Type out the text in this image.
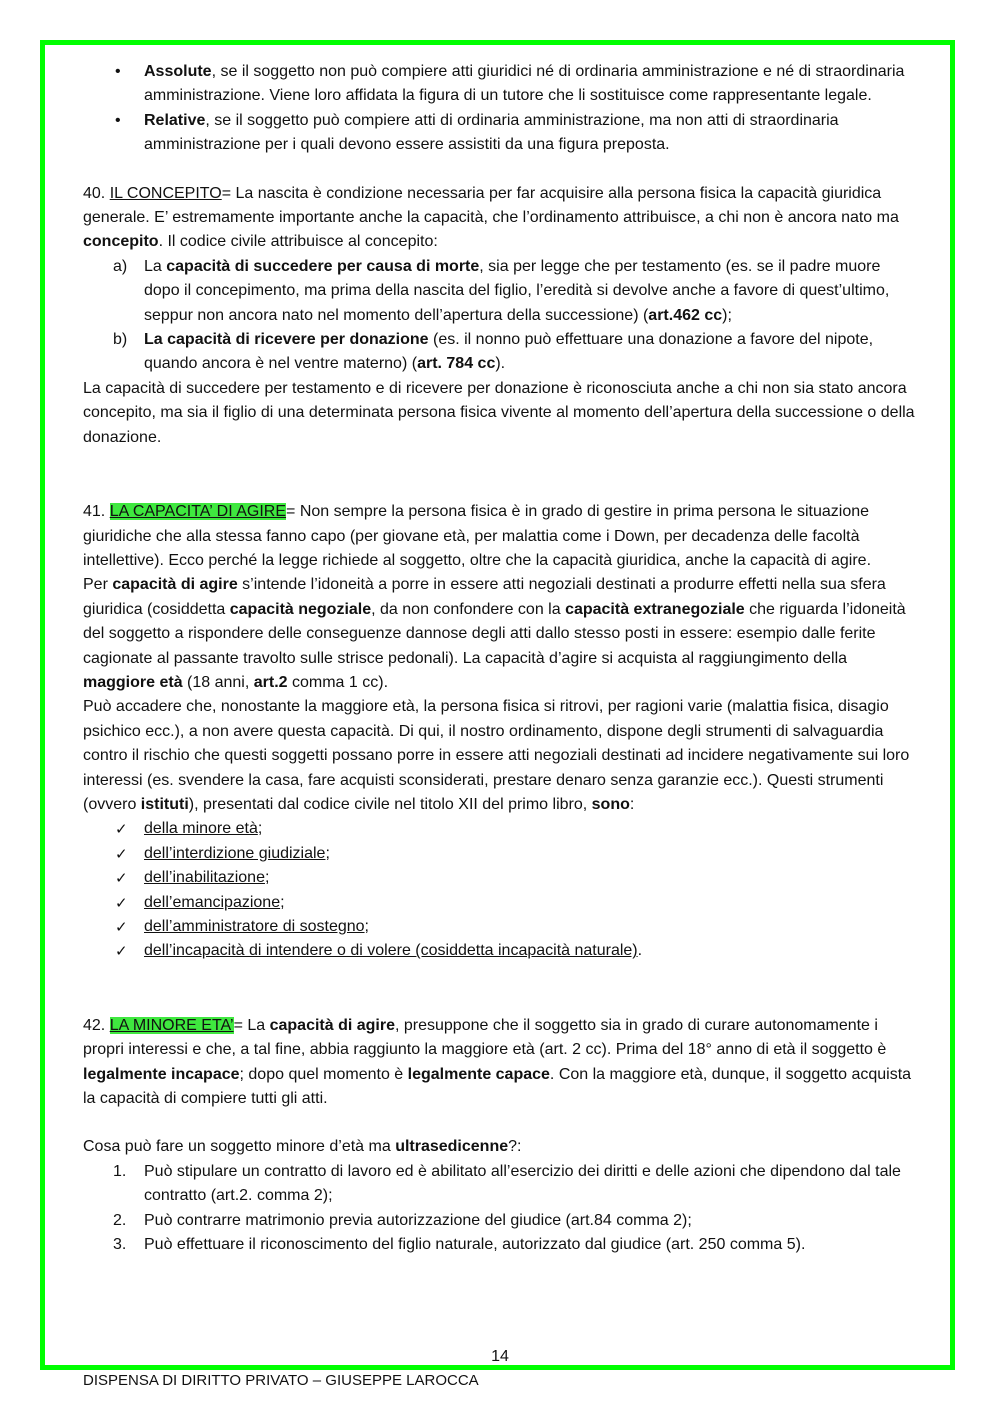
• Assolute, se il soggetto non può compiere atti giuridici né di ordinaria amministrazione e né di straordinaria amministrazione. Viene loro affidata la figura di un tutore che li sostituisce come rappresentante legale.
• Relative, se il soggetto può compiere atti di ordinaria amministrazione, ma non atti di straordinaria amministrazione per i quali devono essere assistiti da una figura preposta.

40. IL CONCEPITO= La nascita è condizione necessaria per far acquisire alla persona fisica la capacità giuridica generale. E’ estremamente importante anche la capacità, che l’ordinamento attribuisce, a chi non è ancora nato ma concepito. Il codice civile attribuisce al concepito:

a) La capacità di succedere per causa di morte, sia per legge che per testamento (es. se il padre muore dopo il concepimento, ma prima della nascita del figlio, l’eredità si devolve anche a favore di quest’ultimo, seppur non ancora nato nel momento dell’apertura della successione) (art.462 cc);
b) La capacità di ricevere per donazione (es. il nonno può effettuare una donazione a favore del nipote, quando ancora è nel ventre materno) (art. 784 cc).

La capacità di succedere per testamento e di ricevere per donazione è riconosciuta anche a chi non sia stato ancora concepito, ma sia il figlio di una determinata persona fisica vivente al momento dell’apertura della successione o della donazione.

41. LA CAPACITA’ DI AGIRE= Non sempre la persona fisica è in grado di gestire in prima persona le situazione giuridiche che alla stessa fanno capo (per giovane età, per malattia come i Down, per decadenza delle facoltà intellettive). Ecco perché la legge richiede al soggetto, oltre che la capacità giuridica, anche la capacità di agire.

Per capacità di agire s’intende l’idoneità a porre in essere atti negoziali destinati a produrre effetti nella sua sfera giuridica (cosiddetta capacità negoziale, da non confondere con la capacità extranegoziale che riguarda l’idoneità del soggetto a rispondere delle conseguenze dannose degli atti dallo stesso posti in essere: esempio dalle ferite cagionate al passante travolto sulle strisce pedonali). La capacità d’agire si acquista al raggiungimento della maggiore età (18 anni, art.2 comma 1 cc).

Può accadere che, nonostante la maggiore età, la persona fisica si ritrovi, per ragioni varie (malattia fisica, disagio psichico ecc.), a non avere questa capacità. Di qui, il nostro ordinamento, dispone degli strumenti di salvaguardia contro il rischio che questi soggetti possano porre in essere atti negoziali destinati ad incidere negativamente sui loro interessi (es. svendere la casa, fare acquisti sconsiderati, prestare denaro senza garanzie ecc.). Questi strumenti (ovvero istituti), presentati dal codice civile nel titolo XII del primo libro, sono:

✓ della minore età;
✓ dell’interdizione giudiziale;
✓ dell’inabilitazione;
✓ dell’emancipazione;
✓ dell’amministratore di sostegno;
✓ dell’incapacità di intendere o di volere (cosiddetta incapacità naturale).

42. LA MINORE ETA’= La capacità di agire, presuppone che il soggetto sia in grado di curare autonomamente i propri interessi e che, a tal fine, abbia raggiunto la maggiore età (art. 2 cc). Prima del 18° anno di età il soggetto è legalmente incapace; dopo quel momento è legalmente capace. Con la maggiore età, dunque, il soggetto acquista la capacità di compiere tutti gli atti.

Cosa può fare un soggetto minore d’età ma ultrasedicenne?:

1. Può stipulare un contratto di lavoro ed è abilitato all’esercizio dei diritti e delle azioni che dipendono dal tale contratto (art.2. comma 2);
2. Può contrarre matrimonio previa autorizzazione del giudice (art.84 comma 2);
3. Può effettuare il riconoscimento del figlio naturale, autorizzato dal giudice (art. 250 comma 5).
14
DISPENSA DI DIRITTO PRIVATO – GIUSEPPE LAROCCA
